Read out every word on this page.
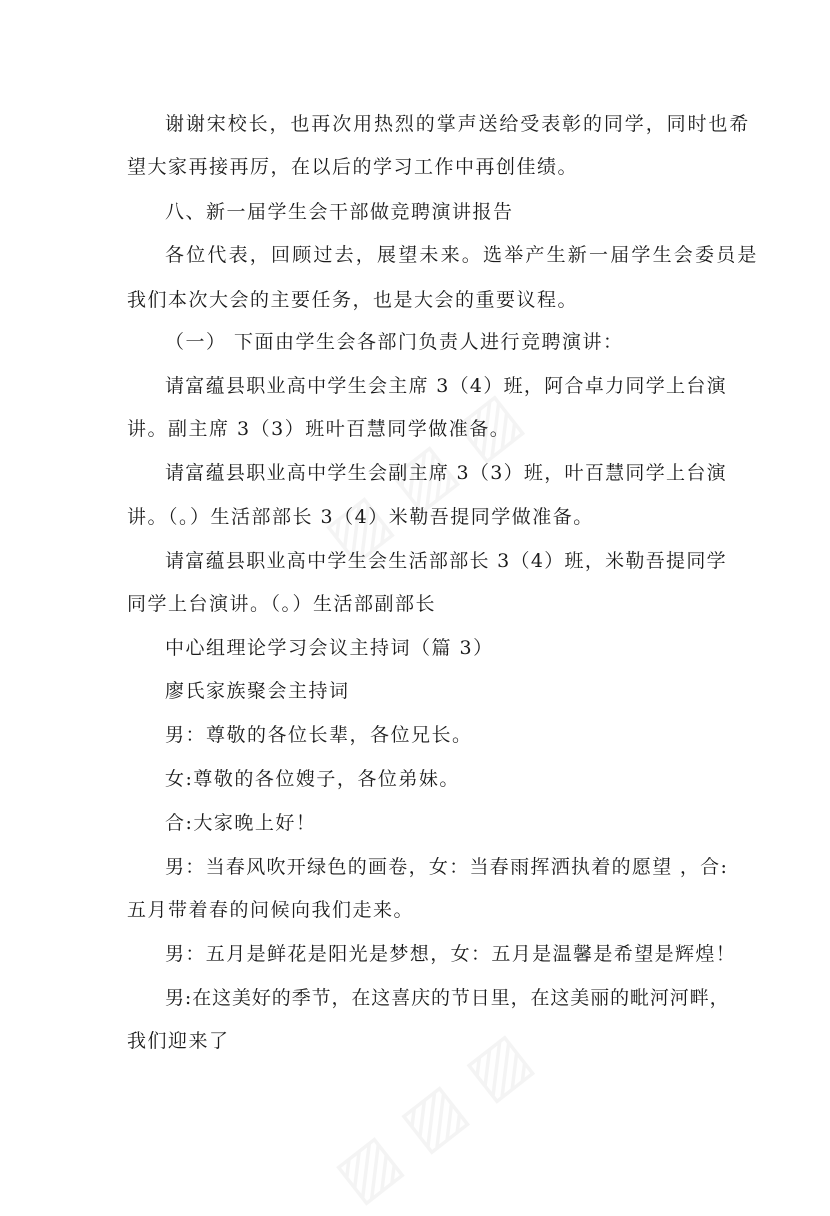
谢谢宋校长，也再次用热烈的掌声送给受表彰的同学，同时也希
望大家再接再厉，在以后的学习工作中再创佳绩。
八、新一届学生会干部做竞聘演讲报告
各位代表，回顾过去，展望未来。选举产生新一届学生会委员是
我们本次大会的主要任务，也是大会的重要议程。
（一） 下面由学生会各部门负责人进行竞聘演讲：
请富蕴县职业高中学生会主席 3（4）班，阿合卓力同学上台演
讲。副主席 3（3）班叶百慧同学做准备。
请富蕴县职业高中学生会副主席 3（3）班，叶百慧同学上台演
讲。（。）生活部部长 3（4）米勒吾提同学做准备。
请富蕴县职业高中学生会生活部部长 3（4）班，米勒吾提同学
同学上台演讲。（。）生活部副部长
中心组理论学习会议主持词（篇 3）
廖氏家族聚会主持词
男：尊敬的各位长辈，各位兄长。
女:尊敬的各位嫂子，各位弟妹。
合:大家晚上好！
男：当春风吹开绿色的画卷，女：当春雨挥洒执着的愿望 ，合:
五月带着春的问候向我们走来。
男：五月是鲜花是阳光是梦想，女：五月是温馨是希望是辉煌！
男:在这美好的季节，在这喜庆的节日里，在这美丽的毗河河畔，
我们迎来了
